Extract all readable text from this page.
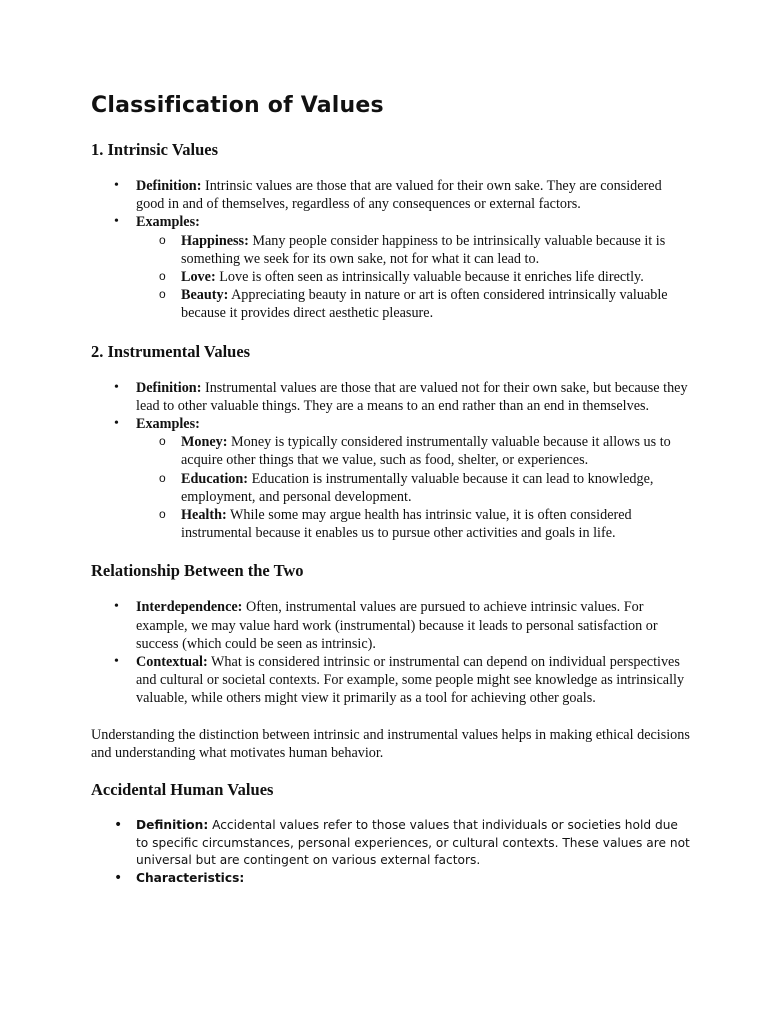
Classification of Values
1. Intrinsic Values
• Definition: Intrinsic values are those that are valued for their own sake. They are considered good in and of themselves, regardless of any consequences or external factors.
• Examples:
o Happiness: Many people consider happiness to be intrinsically valuable because it is something we seek for its own sake, not for what it can lead to.
o Love: Love is often seen as intrinsically valuable because it enriches life directly.
o Beauty: Appreciating beauty in nature or art is often considered intrinsically valuable because it provides direct aesthetic pleasure.
2. Instrumental Values
• Definition: Instrumental values are those that are valued not for their own sake, but because they lead to other valuable things. They are a means to an end rather than an end in themselves.
• Examples:
o Money: Money is typically considered instrumentally valuable because it allows us to acquire other things that we value, such as food, shelter, or experiences.
o Education: Education is instrumentally valuable because it can lead to knowledge, employment, and personal development.
o Health: While some may argue health has intrinsic value, it is often considered instrumental because it enables us to pursue other activities and goals in life.
Relationship Between the Two
• Interdependence: Often, instrumental values are pursued to achieve intrinsic values. For example, we may value hard work (instrumental) because it leads to personal satisfaction or success (which could be seen as intrinsic).
• Contextual: What is considered intrinsic or instrumental can depend on individual perspectives and cultural or societal contexts. For example, some people might see knowledge as intrinsically valuable, while others might view it primarily as a tool for achieving other goals.

Understanding the distinction between intrinsic and instrumental values helps in making ethical decisions and understanding what motivates human behavior.

Accidental Human Values
• Definition: Accidental values refer to those values that individuals or societies hold due to specific circumstances, personal experiences, or cultural contexts. These values are not universal but are contingent on various external factors.
• Characteristics:
